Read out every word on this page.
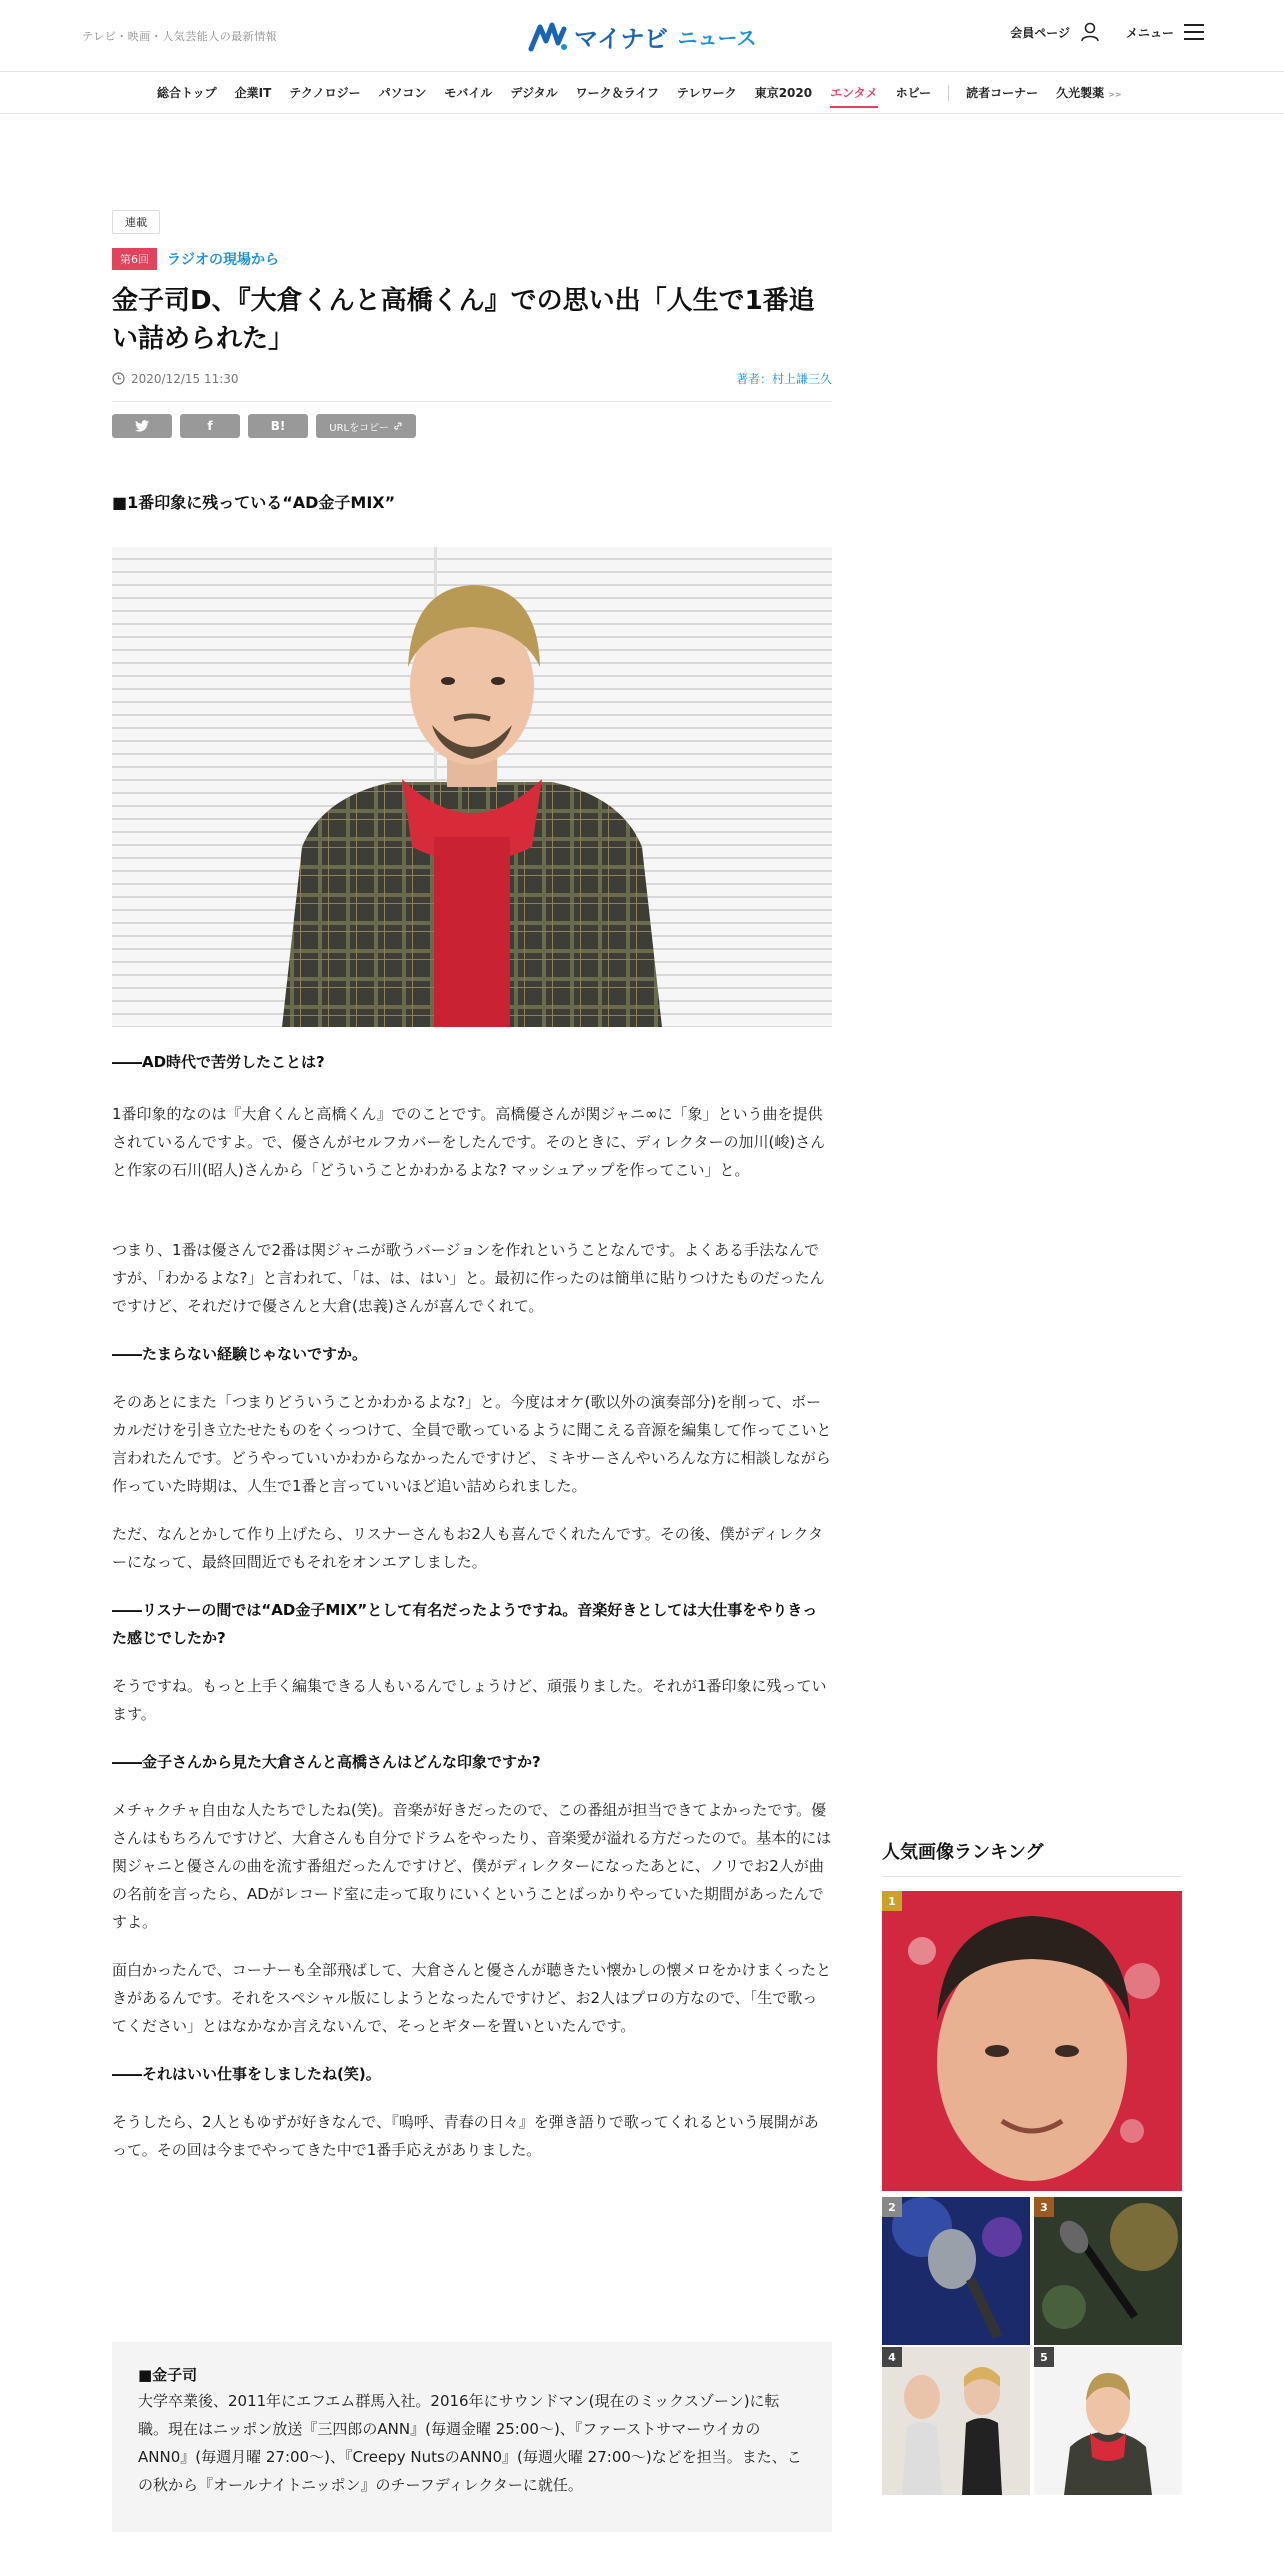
テレビ・映画・人気芸能人の最新情報	マイナビ ニュース	会員ページ	メニュー
総合トップ	企業IT	テクノロジー	パソコン	モバイル	デジタル	ワーク＆ライフ	テレワーク	東京2020	エンタメ	ホビー	読者コーナー	久光製薬 >>
連載
第6回	ラジオの現場から
金子司D、『大倉くんと高橋くん』での思い出「人生で1番追い詰められた」
2020/12/15 11:30	著者：村上謙三久
f	B!	URLをコピー
■1番印象に残っている“AD金子MIX”

――AD時代で苦労したことは?

1番印象的なのは『大倉くんと高橋くん』でのことです。高橋優さんが関ジャニ∞に「象」という曲を提供されているんですよ。で、優さんがセルフカバーをしたんです。そのときに、ディレクターの加川(峻)さんと作家の石川(昭人)さんから「どういうことかわかるよな? マッシュアップを作ってこい」と。

つまり、1番は優さんで2番は関ジャニが歌うバージョンを作れということなんです。よくある手法なんですが、「わかるよな?」と言われて、「は、は、はい」と。最初に作ったのは簡単に貼りつけたものだったんですけど、それだけで優さんと大倉(忠義)さんが喜んでくれて。

――たまらない経験じゃないですか。

そのあとにまた「つまりどういうことかわかるよな?」と。今度はオケ(歌以外の演奏部分)を削って、ボーカルだけを引き立たせたものをくっつけて、全員で歌っているように聞こえる音源を編集して作ってこいと言われたんです。どうやっていいかわからなかったんですけど、ミキサーさんやいろんな方に相談しながら作っていた時期は、人生で1番と言っていいほど追い詰められました。

ただ、なんとかして作り上げたら、リスナーさんもお2人も喜んでくれたんです。その後、僕がディレクターになって、最終回間近でもそれをオンエアしました。

――リスナーの間では“AD金子MIX”として有名だったようですね。音楽好きとしては大仕事をやりきった感じでしたか?

そうですね。もっと上手く編集できる人もいるんでしょうけど、頑張りました。それが1番印象に残っています。

――金子さんから見た大倉さんと高橋さんはどんな印象ですか?

メチャクチャ自由な人たちでしたね(笑)。音楽が好きだったので、この番組が担当できてよかったです。優さんはもちろんですけど、大倉さんも自分でドラムをやったり、音楽愛が溢れる方だったので。基本的には関ジャニと優さんの曲を流す番組だったんですけど、僕がディレクターになったあとに、ノリでお2人が曲の名前を言ったら、ADがレコード室に走って取りにいくということばっかりやっていた期間があったんですよ。

面白かったんで、コーナーも全部飛ばして、大倉さんと優さんが聴きたい懐かしの懐メロをかけまくったときがあるんです。それをスペシャル版にしようとなったんですけど、お2人はプロの方なので、「生で歌ってください」とはなかなか言えないんで、そっとギターを置いといたんです。

――それはいい仕事をしましたね(笑)。

そうしたら、2人ともゆずが好きなんで、『嗚呼、青春の日々』を弾き語りで歌ってくれるという展開があって。その回は今までやってきた中で1番手応えがありました。

■金子司

大学卒業後、2011年にエフエム群馬入社。2016年にサウンドマン(現在のミックスゾーン)に転職。現在はニッポン放送『三四郎のANN』(毎週金曜 25:00～)、『ファーストサマーウイカのANN0』(毎週月曜 27:00～)、『Creepy NutsのANN0』(毎週火曜 27:00～)などを担当。また、この秋から『オールナイトニッポン』のチーフディレクターに就任。

人気画像ランキング
1
2	3
4	5
